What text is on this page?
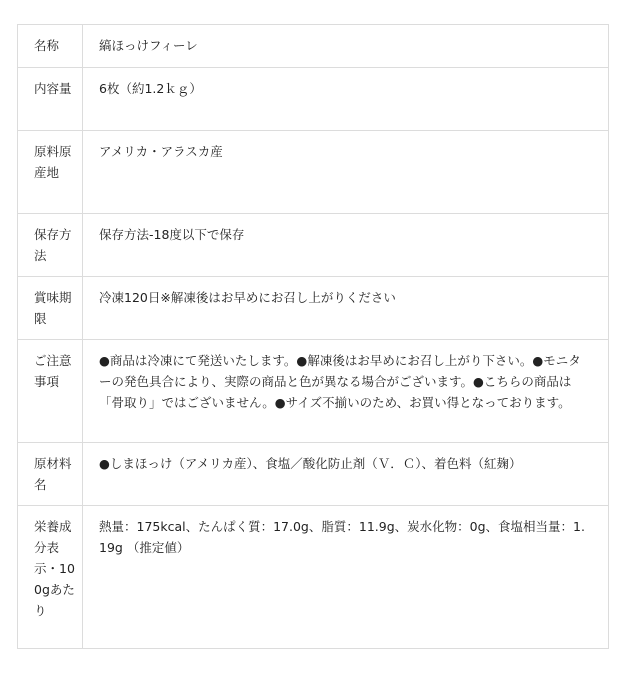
名称	縞ほっけフィーレ

内容量	6枚（約1.2ｋｇ）

原料原産地	アメリカ・アラスカ産

保存方法	保存方法-18度以下で保存

賞味期限	冷凍120日※解凍後はお早めにお召し上がりください

ご注意事項	●商品は冷凍にて発送いたします。●解凍後はお早めにお召し上がり下さい。●モニターの発色具合により、実際の商品と色が異なる場合がございます。●こちらの商品は「骨取り」ではございません。●サイズ不揃いのため、お買い得となっております。

原材料名	●しまほっけ（アメリカ産）、食塩／酸化防止剤（Ｖ．Ｃ）、着色料（紅麹）

栄養成分表示・100gあたり	熱量：175kcal、たんぱく質：17.0g、脂質：11.9g、炭水化物：0g、食塩相当量：1.19g （推定値）
